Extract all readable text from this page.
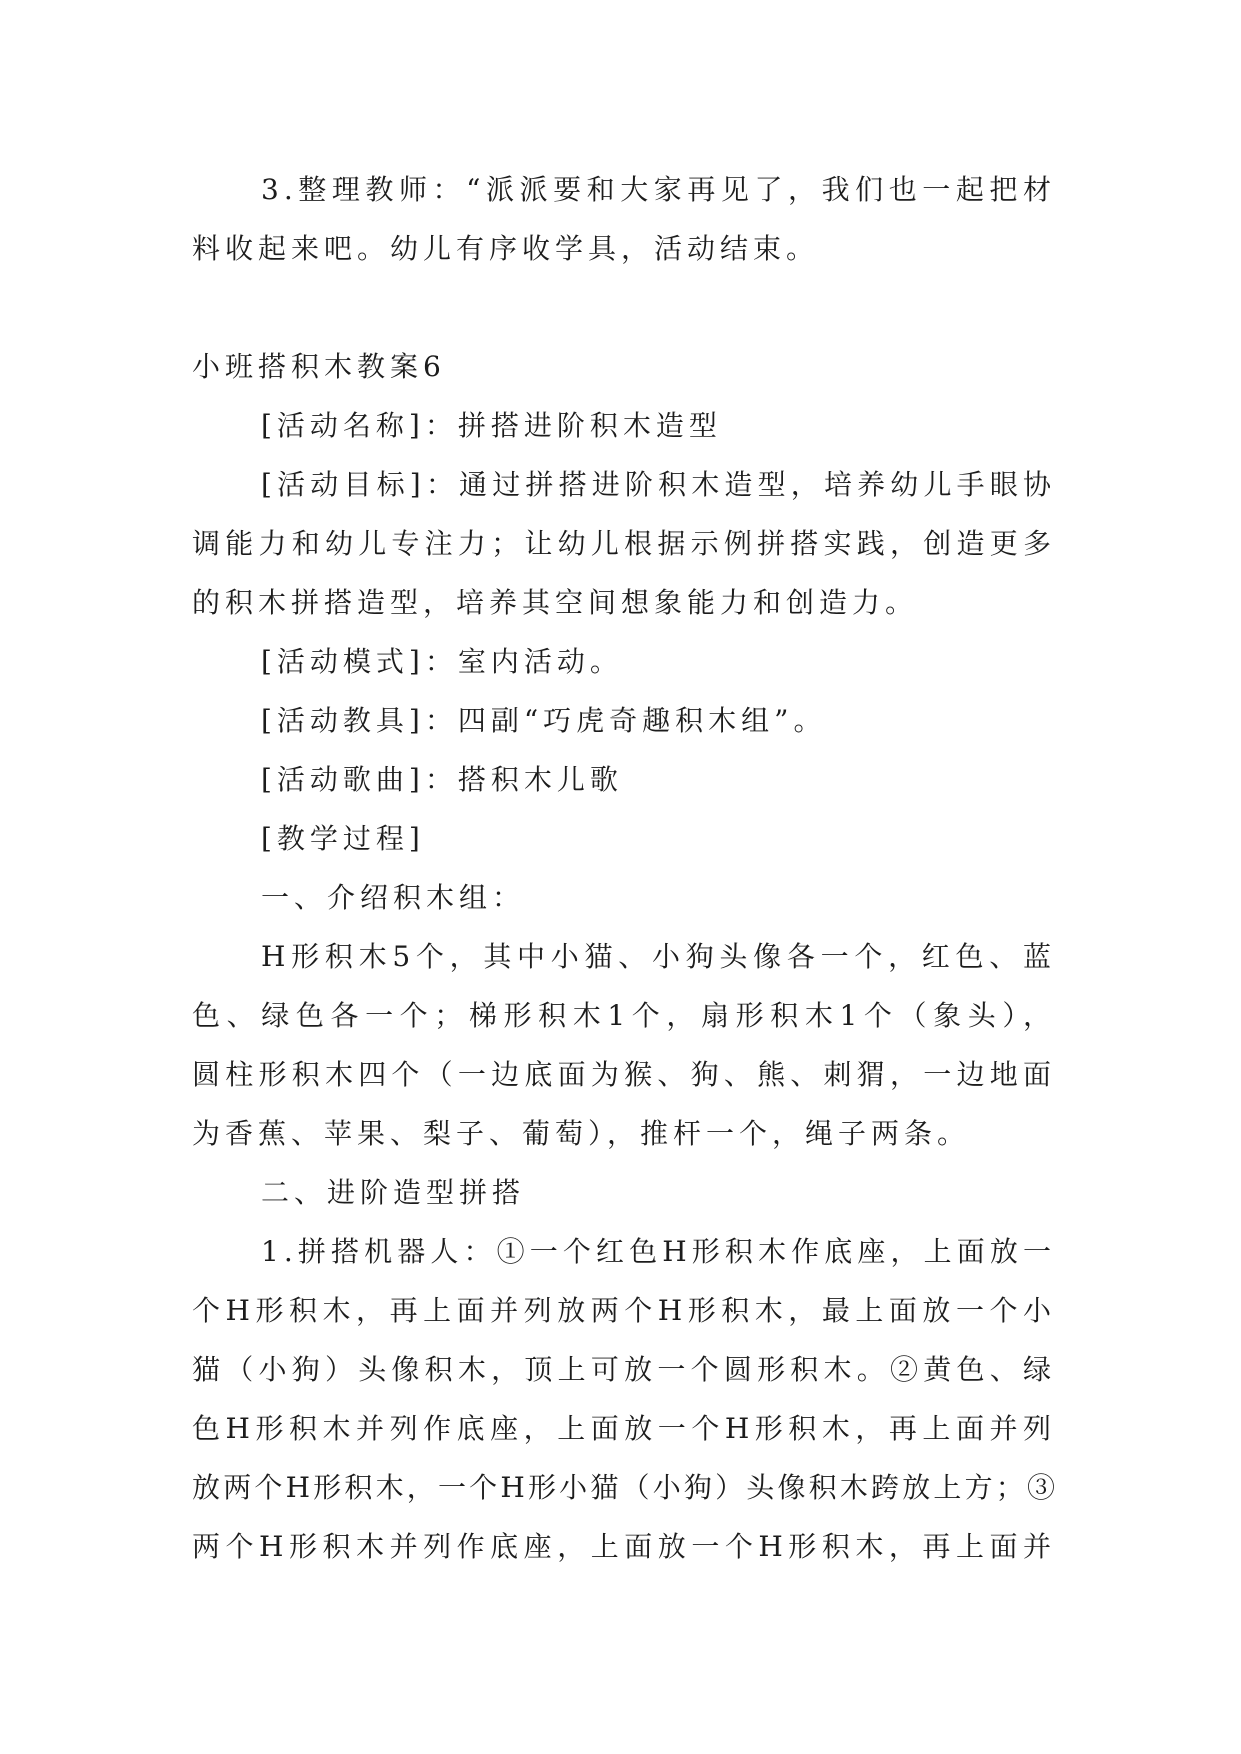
3.整理教师：“派派要和大家再见了，我们也一起把材
料收起来吧。幼儿有序收学具，活动结束。
小班搭积木教案6
[活动名称]：拼搭进阶积木造型
[活动目标]：通过拼搭进阶积木造型，培养幼儿手眼协
调能力和幼儿专注力；让幼儿根据示例拼搭实践，创造更多
的积木拼搭造型，培养其空间想象能力和创造力。
[活动模式]：室内活动。
[活动教具]：四副“巧虎奇趣积木组”。
[活动歌曲]：搭积木儿歌
[教学过程]
一、介绍积木组：
H形积木5个，其中小猫、小狗头像各一个，红色、蓝
色、绿色各一个；梯形积木1个，扇形积木1个（象头），
圆柱形积木四个（一边底面为猴、狗、熊、刺猬，一边地面
为香蕉、苹果、梨子、葡萄），推杆一个，绳子两条。
二、进阶造型拼搭
1.拼搭机器人：①一个红色H形积木作底座，上面放一
个H形积木，再上面并列放两个H形积木，最上面放一个小
猫（小狗）头像积木，顶上可放一个圆形积木。②黄色、绿
色H形积木并列作底座，上面放一个H形积木，再上面并列
放两个H形积木，一个H形小猫（小狗）头像积木跨放上方；③
两个H形积木并列作底座，上面放一个H形积木，再上面并
